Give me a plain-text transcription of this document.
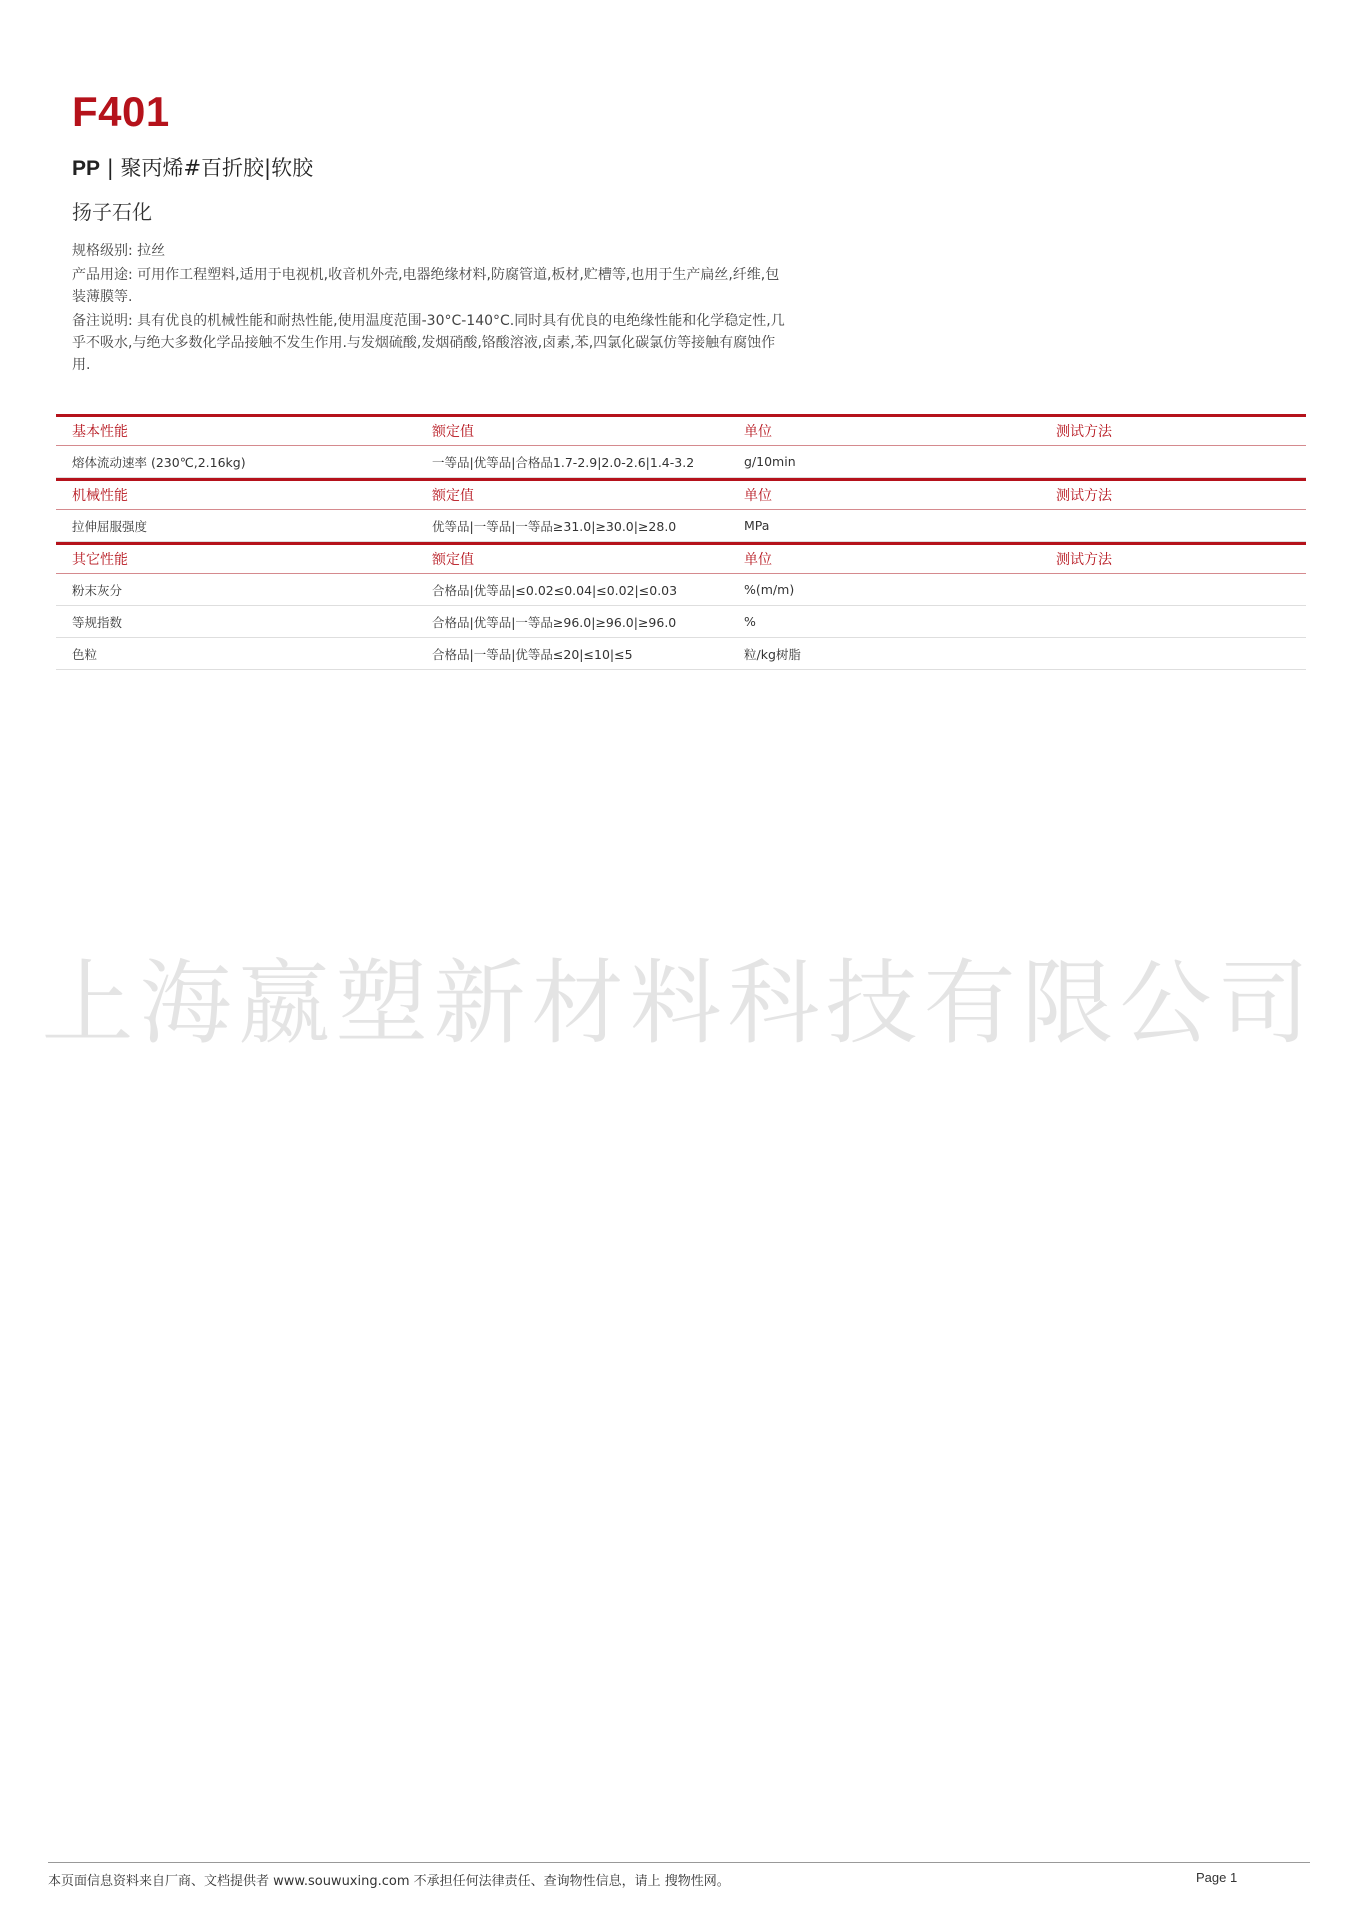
F401
PP | 聚丙烯#百折胶|软胶
扬子石化

规格级别: 拉丝

产品用途: 可用作工程塑料,适用于电视机,收音机外壳,电器绝缘材料,防腐管道,板材,贮槽等,也用于生产扁丝,纤维,包装薄膜等.

备注说明: 具有优良的机械性能和耐热性能,使用温度范围-30°C-140°C.同时具有优良的电绝缘性能和化学稳定性,几乎不吸水,与绝大多数化学品接触不发生作用.与发烟硫酸,发烟硝酸,铬酸溶液,卤素,苯,四氯化碳氯仿等接触有腐蚀作用.

基本性能	额定值	单位	测试方法
熔体流动速率 (230℃,2.16kg)	一等品|优等品|合格品1.7-2.9|2.0-2.6|1.4-3.2	g/10min
机械性能	额定值	单位	测试方法
拉伸屈服强度	优等品|一等品|一等品≥31.0|≥30.0|≥28.0	MPa
其它性能	额定值	单位	测试方法
粉末灰分	合格品|优等品|≤0.02≤0.04|≤0.02|≤0.03	%(m/m)
等规指数	合格品|优等品|一等品≥96.0|≥96.0|≥96.0	%
色粒	合格品|一等品|优等品≤20|≤10|≤5	粒/kg树脂
上海嬴塑新材料科技有限公司
本页面信息资料来自厂商、文档提供者 www.souwuxing.com 不承担任何法律责任、查询物性信息，请上 搜物性网。	Page 1
